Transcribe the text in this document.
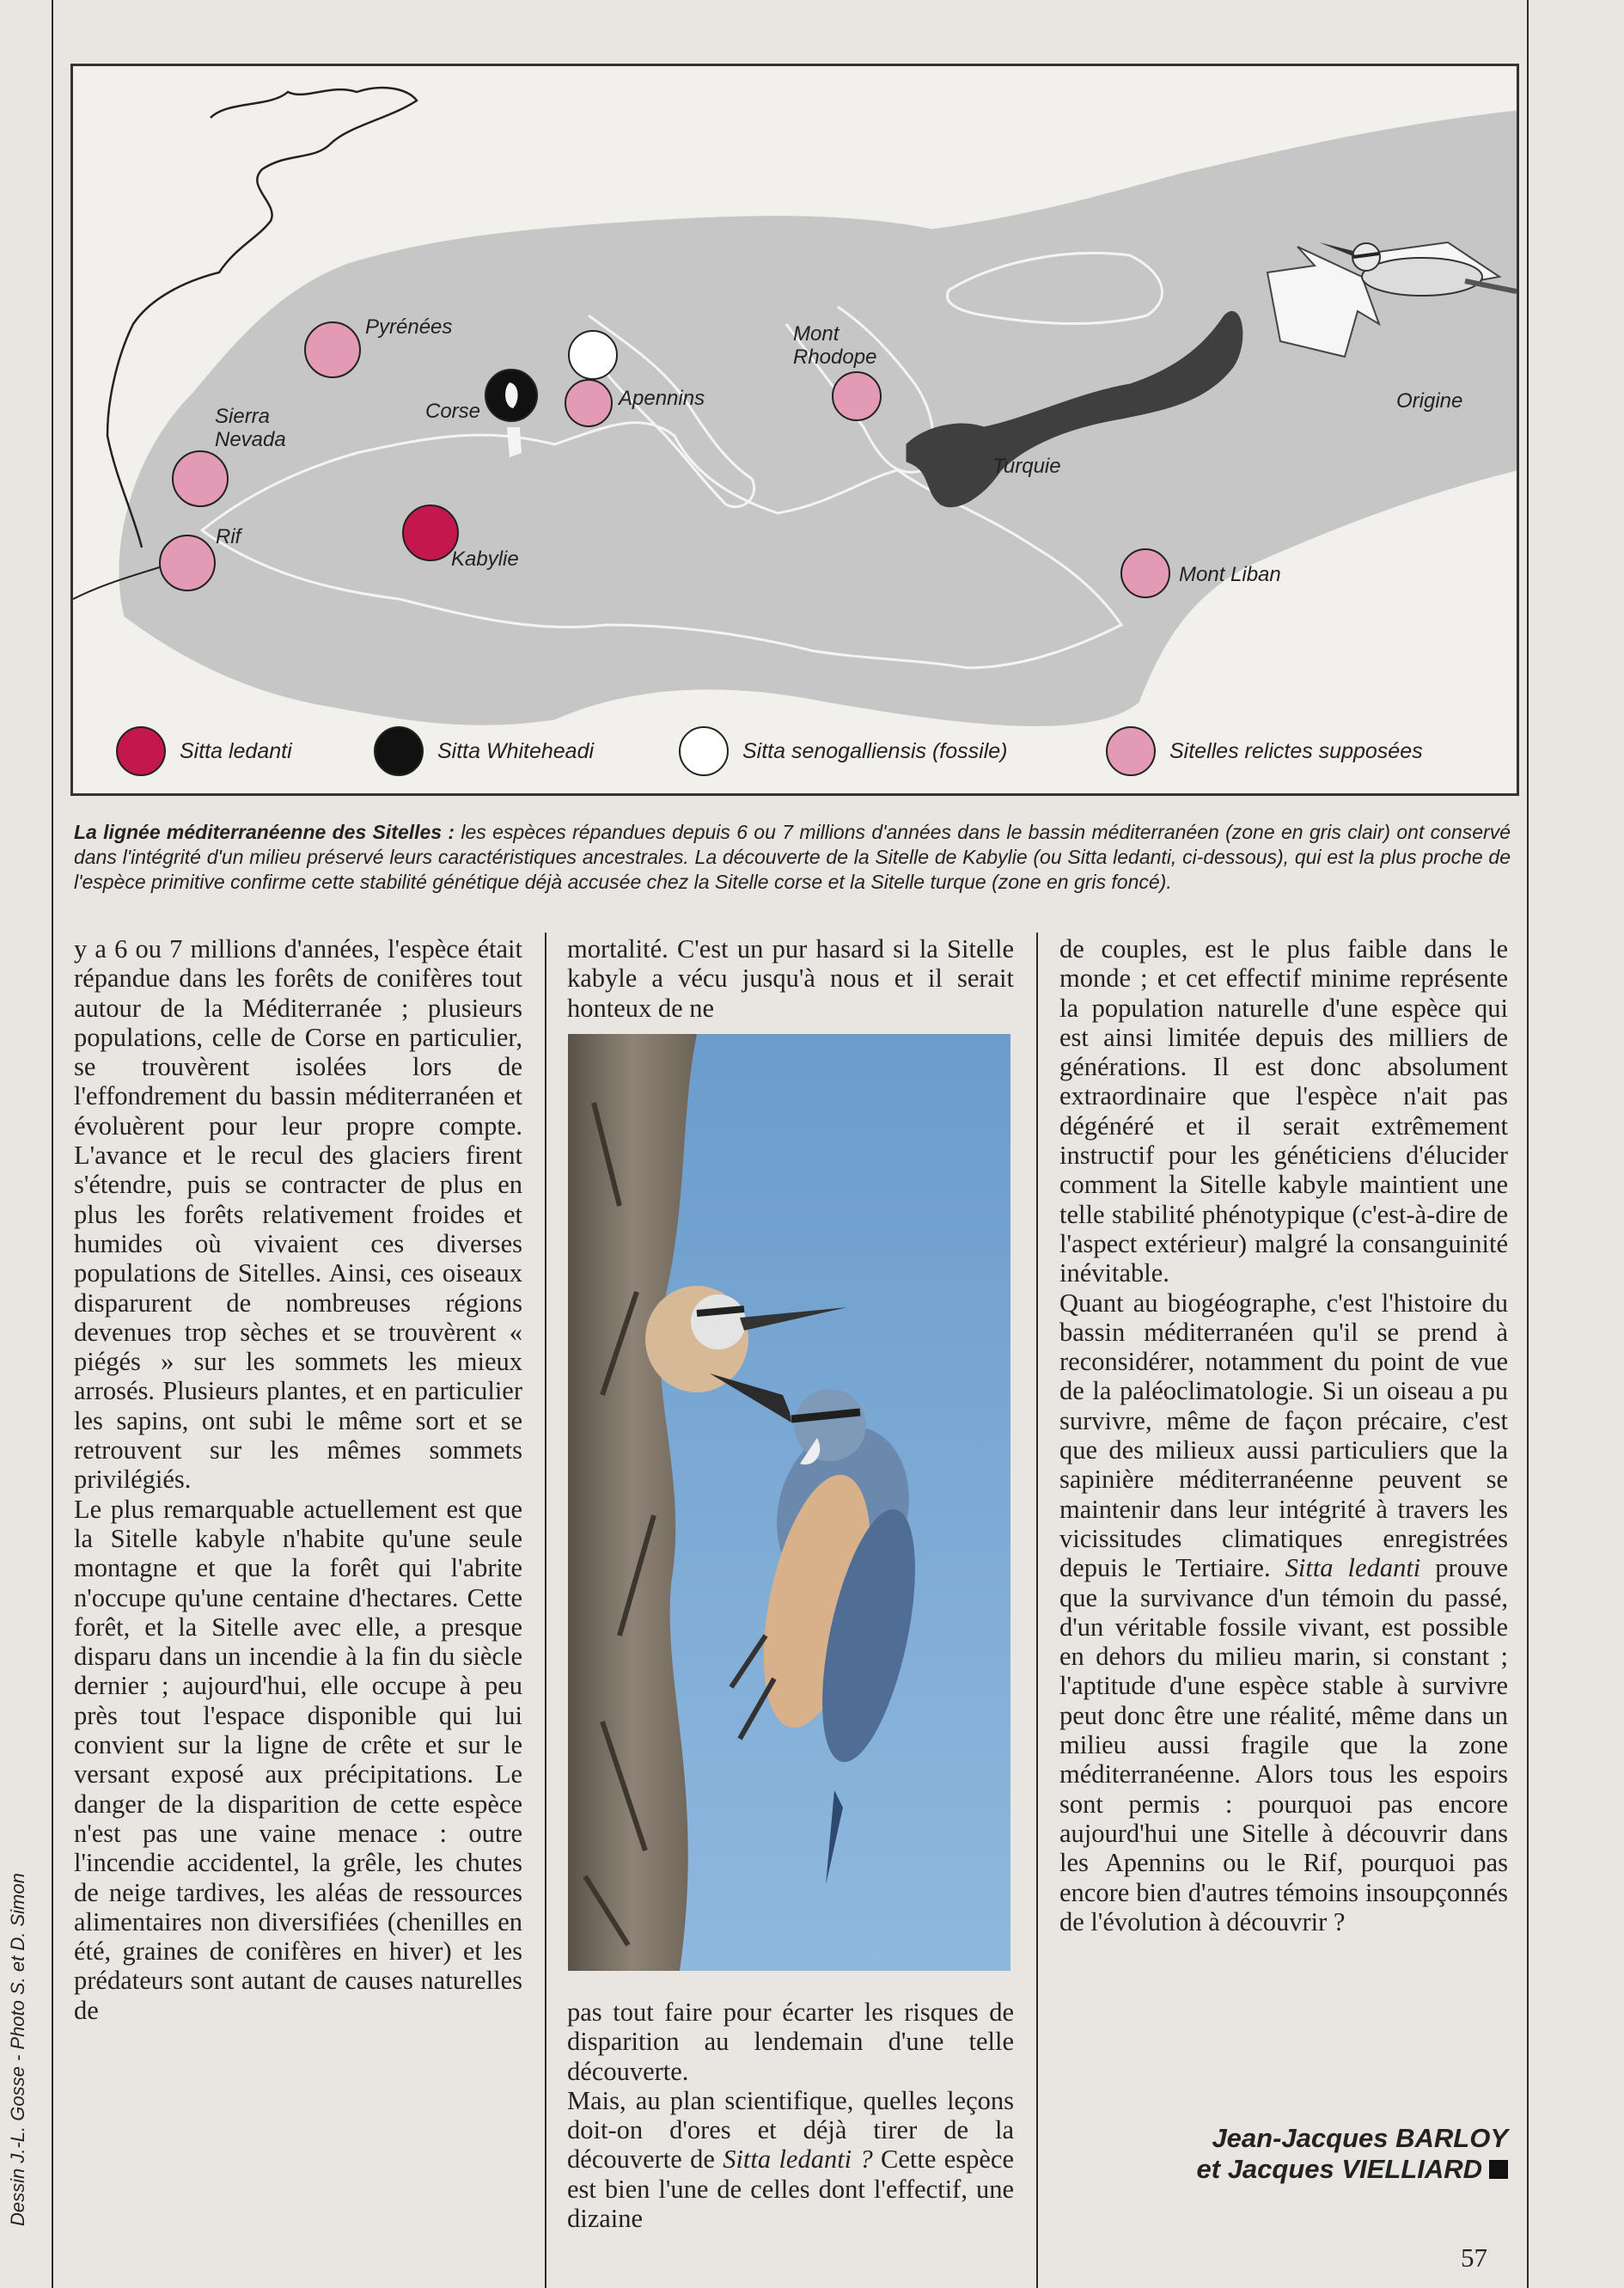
Pyrénées
Sierra
Nevada
Corse
Apennins
Mont
Rhodope
Turquie
Origine
Rif
Kabylie
Mont Liban
Sitta ledanti	Sitta Whiteheadi	Sitta senogalliensis (fossile)	Sitelles relictes supposées
La lignée méditerranéenne des Sitelles : les espèces répandues depuis 6 ou 7 millions d'années dans le bassin méditerranéen (zone en gris clair) ont conservé dans l'intégrité d'un milieu préservé leurs caractéristiques ancestrales. La découverte de la Sitelle de Kabylie (ou Sitta ledanti, ci-dessous), qui est la plus proche de l'espèce primitive confirme cette stabilité génétique déjà accusée chez la Sitelle corse et la Sitelle turque (zone en gris foncé).

y a 6 ou 7 millions d'années, l'espèce était répandue dans les forêts de conifères tout autour de la Méditerranée ; plusieurs populations, celle de Corse en particulier, se trouvèrent isolées lors de l'effondrement du bassin méditerranéen et évoluèrent pour leur propre compte. L'avance et le recul des glaciers firent s'étendre, puis se contracter de plus en plus les forêts relativement froides et humides où vivaient ces diverses populations de Sitelles. Ainsi, ces oiseaux disparurent de nombreuses régions devenues trop sèches et se trouvèrent « piégés » sur les sommets les mieux arrosés. Plusieurs plantes, et en particulier les sapins, ont subi le même sort et se retrouvent sur les mêmes sommets privilégiés.

Le plus remarquable actuellement est que la Sitelle kabyle n'habite qu'une seule montagne et que la forêt qui l'abrite n'occupe qu'une centaine d'hectares. Cette forêt, et la Sitelle avec elle, a presque disparu dans un incendie à la fin du siècle dernier ; aujourd'hui, elle occupe à peu près tout l'espace disponible qui lui convient sur la ligne de crête et sur le versant exposé aux précipitations. Le danger de la disparition de cette espèce n'est pas une vaine menace : outre l'incendie accidentel, la grêle, les chutes de neige tardives, les aléas de ressources alimentaires non diversifiées (chenilles en été, graines de conifères en hiver) et les prédateurs sont autant de causes naturelles de

mortalité. C'est un pur hasard si la Sitelle kabyle a vécu jusqu'à nous et il serait honteux de ne

pas tout faire pour écarter les risques de disparition au lendemain d'une telle découverte.

Mais, au plan scientifique, quelles leçons doit-on d'ores et déjà tirer de la découverte de Sitta ledanti ? Cette espèce est bien l'une de celles dont l'effectif, une dizaine

de couples, est le plus faible dans le monde ; et cet effectif minime représente la population naturelle d'une espèce qui est ainsi limitée depuis des milliers de générations. Il est donc absolument extraordinaire que l'espèce n'ait pas dégénéré et il serait extrêmement instructif pour les généticiens d'élucider comment la Sitelle kabyle maintient une telle stabilité phénotypique (c'est-à-dire de l'aspect extérieur) malgré la consanguinité inévitable.

Quant au biogéographe, c'est l'histoire du bassin méditerranéen qu'il se prend à reconsidérer, notamment du point de vue de la paléoclimatologie. Si un oiseau a pu survivre, même de façon précaire, c'est que des milieux aussi particuliers que la sapinière méditerranéenne peuvent se maintenir dans leur intégrité à travers les vicissitudes climatiques enregistrées depuis le Tertiaire. Sitta ledanti prouve que la survivance d'un témoin du passé, d'un véritable fossile vivant, est possible en dehors du milieu marin, si constant ; l'aptitude d'une espèce stable à survivre peut donc être une réalité, même dans un milieu aussi fragile que la zone méditerranéenne. Alors tous les espoirs sont permis : pourquoi pas encore aujourd'hui une Sitelle à découvrir dans les Apennins ou le Rif, pourquoi pas encore bien d'autres témoins insoupçonnés de l'évolution à découvrir ?

Jean-Jacques BARLOY
et Jacques VIELLIARD
Dessin J.-L. Gosse - Photo S. et D. Simon
57
